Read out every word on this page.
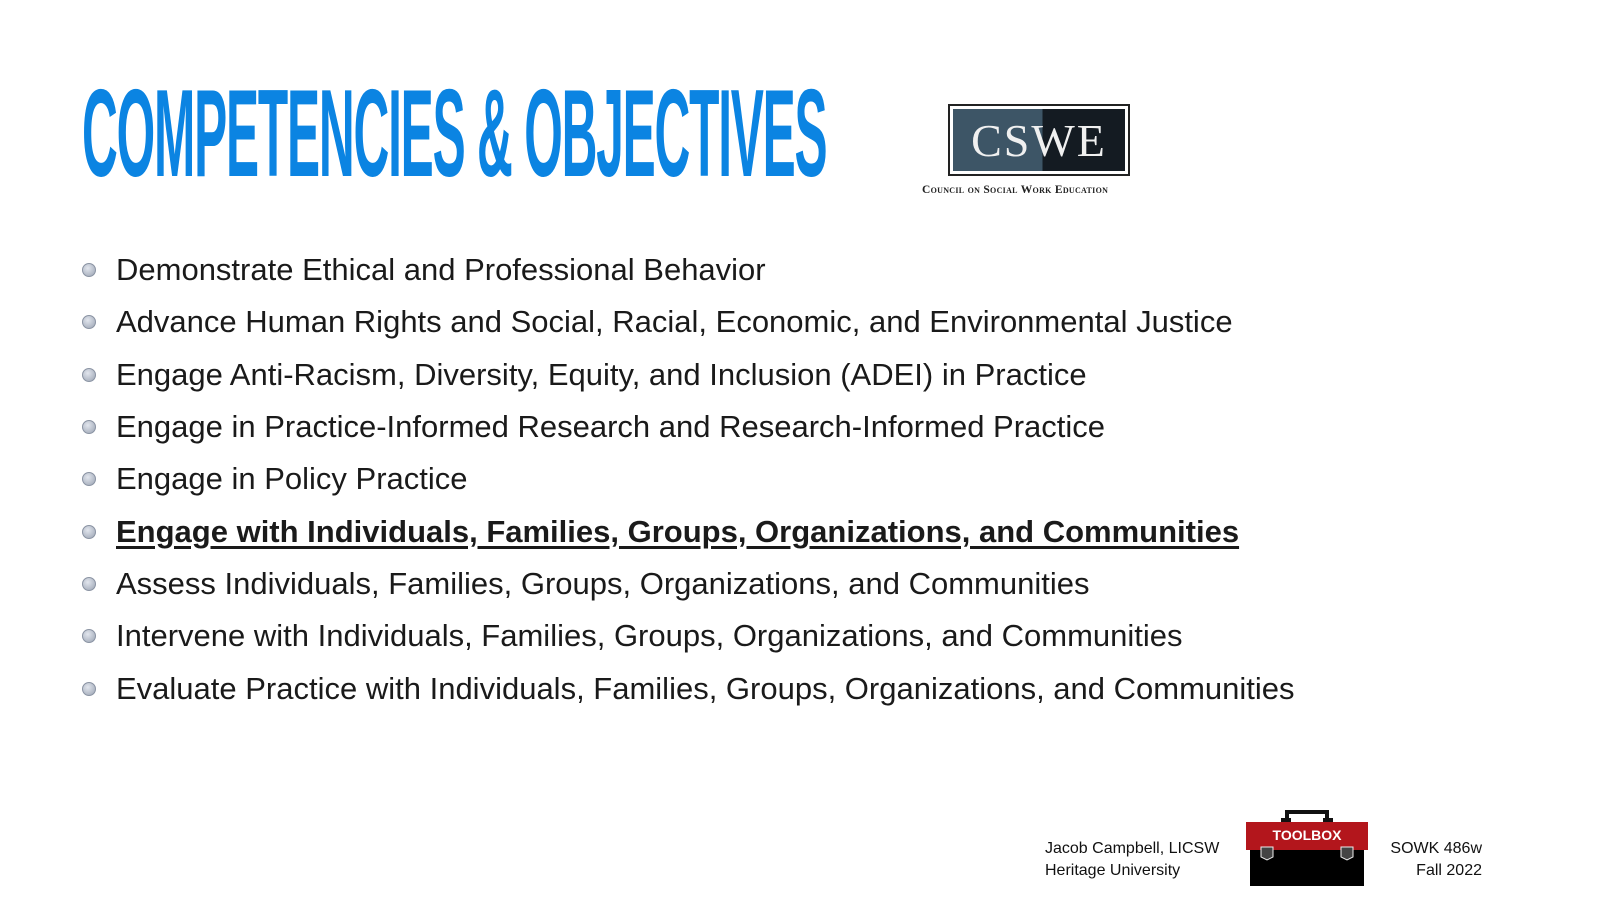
COMPETENCIES & OBJECTIVES	CSWE
Council on Social Work Education
Demonstrate Ethical and Professional Behavior
Advance Human Rights and Social, Racial, Economic, and Environmental Justice
Engage Anti-Racism, Diversity, Equity, and Inclusion (ADEI) in Practice
Engage in Practice-Informed Research and Research-Informed Practice
Engage in Policy Practice
Engage with Individuals, Families, Groups, Organizations, and Communities
Assess Individuals, Families, Groups, Organizations, and Communities
Intervene with Individuals, Families, Groups, Organizations, and Communities
Evaluate Practice with Individuals, Families, Groups, Organizations, and Communities
Jacob Campbell, LICSW
Heritage University
TOOLBOX
SOWK 486w
Fall 2022
